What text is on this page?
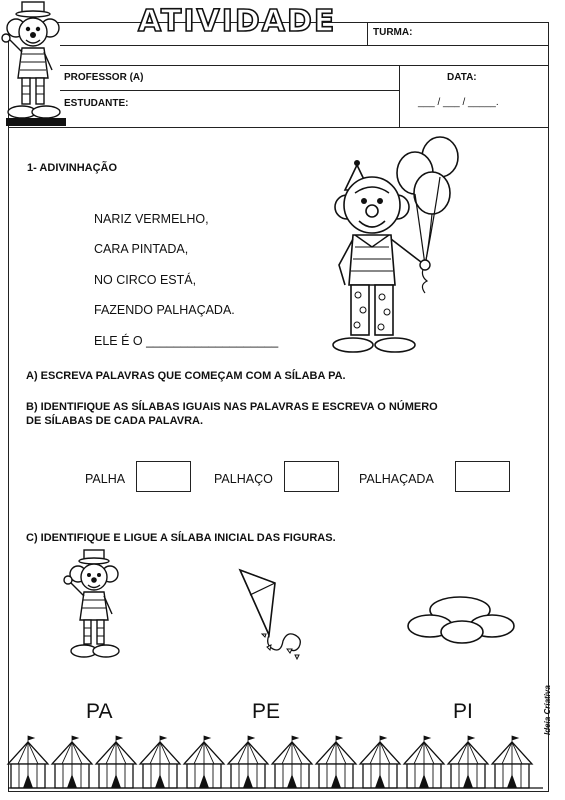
ATIVIDADE	TURMA:
PROFESSOR (A)
ESTUDANTE:
DATA:
___ / ___ / _____.
1- ADIVINHAÇÃO
NARIZ VERMELHO,
CARA PINTADA,
NO CIRCO ESTÁ,
FAZENDO PALHAÇADA.
ELE É O ___________________
A) ESCREVA PALAVRAS QUE COMEÇAM COM A SÍLABA PA.
B) IDENTIFIQUE AS SÍLABAS IGUAIS NAS PALAVRAS E ESCREVA O NÚMERO
DE SÍLABAS DE CADA PALAVRA.
PALHA	PALHAÇO	PALHAÇADA
C) IDENTIFIQUE E LIGUE A SÍLABA INICIAL DAS FIGURAS.
PA	PE	PI	Ideia Criativa
